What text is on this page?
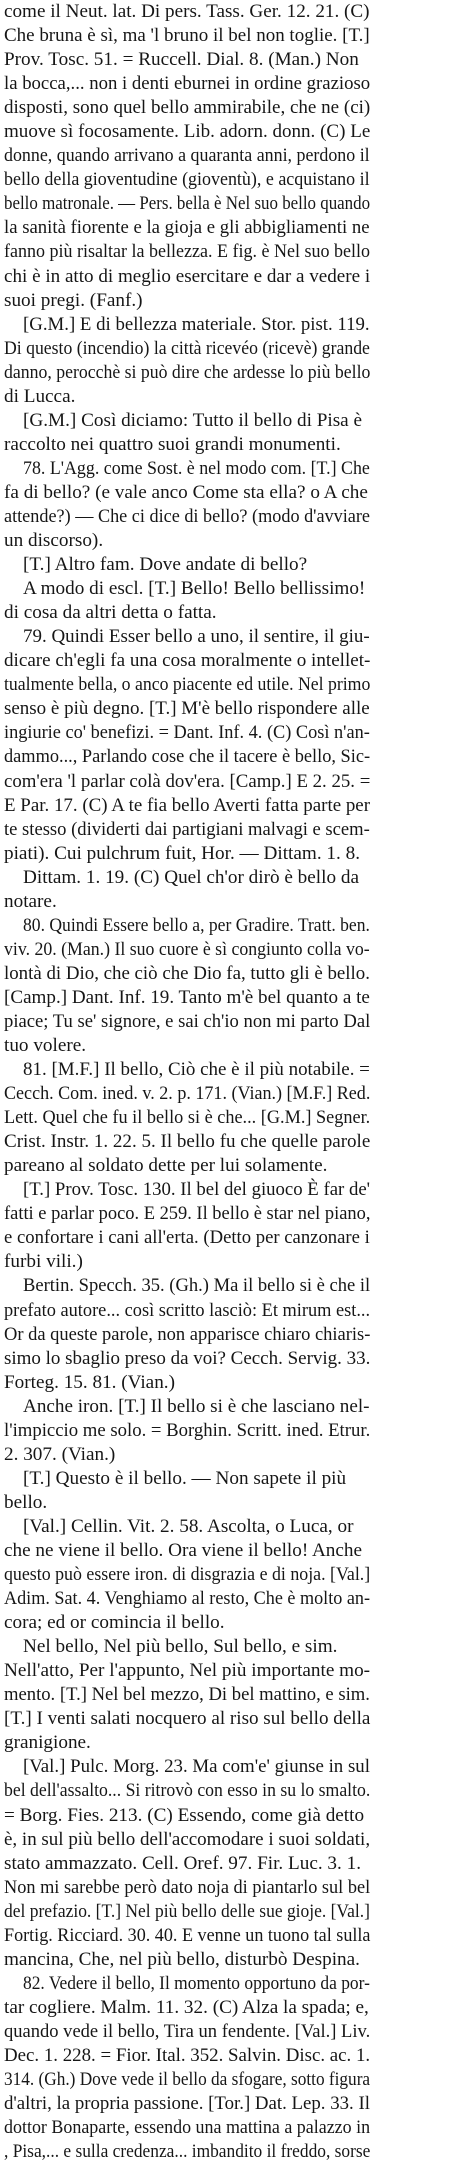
come il Neut. lat. Di pers. Tass. Ger. 12. 21. (C)
Che bruna è sì, ma 'l bruno il bel non toglie. [T.]
Prov. Tosc. 51. = Ruccell. Dial. 8. (Man.) Non
la bocca,... non i denti eburnei in ordine grazioso
disposti, sono quel bello ammirabile, che ne (ci)
muove sì focosamente. Lib. adorn. donn. (C) Le
donne, quando arrivano a quaranta anni, perdono il
bello della gioventudine (gioventù), e acquistano il
bello matronale. — Pers. bella è Nel suo bello quando
la sanità fiorente e la gioja e gli abbigliamenti ne
fanno più risaltar la bellezza. E fig. è Nel suo bello
chi è in atto di meglio esercitare e dar a vedere i
suoi pregi. (Fanf.)
[G.M.] E di bellezza materiale. Stor. pist. 119.
Di questo (incendio) la città ricevéo (ricevè) grande
danno, perocchè si può dire che ardesse lo più bello
di Lucca.
[G.M.] Così diciamo: Tutto il bello di Pisa è
raccolto nei quattro suoi grandi monumenti.
78. L'Agg. come Sost. è nel modo com. [T.] Che
fa di bello? (e vale anco Come sta ella? o A che
attende?) — Che ci dice di bello? (modo d'avviare
un discorso).
[T.] Altro fam. Dove andate di bello?
A modo di escl. [T.] Bello! Bello bellissimo!
di cosa da altri detta o fatta.
79. Quindi Esser bello a uno, il sentire, il giu-
dicare ch'egli fa una cosa moralmente o intellet-
tualmente bella, o anco piacente ed utile. Nel primo
senso è più degno. [T.] M'è bello rispondere alle
ingiurie co' benefizi. = Dant. Inf. 4. (C) Così n'an-
dammo..., Parlando cose che il tacere è bello, Sic-
com'era 'l parlar colà dov'era. [Camp.] E 2. 25. =
E Par. 17. (C) A te fia bello Averti fatta parte per
te stesso (dividerti dai partigiani malvagi e scem-
piati). Cui pulchrum fuit, Hor. — Dittam. 1. 8.
Dittam. 1. 19. (C) Quel ch'or dirò è bello da
notare.
80. Quindi Essere bello a, per Gradire. Tratt. ben.
viv. 20. (Man.) Il suo cuore è sì congiunto colla vo-
lontà di Dio, che ciò che Dio fa, tutto gli è bello.
[Camp.] Dant. Inf. 19. Tanto m'è bel quanto a te
piace; Tu se' signore, e sai ch'io non mi parto Dal
tuo volere.
81. [M.F.] Il bello, Ciò che è il più notabile. =
Cecch. Com. ined. v. 2. p. 171. (Vian.) [M.F.] Red.
Lett. Quel che fu il bello si è che... [G.M.] Segner.
Crist. Instr. 1. 22. 5. Il bello fu che quelle parole
pareano al soldato dette per lui solamente.
[T.] Prov. Tosc. 130. Il bel del giuoco È far de'
fatti e parlar poco. E 259. Il bello è star nel piano,
e confortare i cani all'erta. (Detto per canzonare i
furbi vili.)
Bertin. Specch. 35. (Gh.) Ma il bello si è che il
prefato autore... così scritto lasciò: Et mirum est...
Or da queste parole, non apparisce chiaro chiaris-
simo lo sbaglio preso da voi? Cecch. Servig. 33.
Forteg. 15. 81. (Vian.)
Anche iron. [T.] Il bello si è che lasciano nel-
l'impiccio me solo. = Borghin. Scritt. ined. Etrur.
2. 307. (Vian.)
[T.] Questo è il bello. — Non sapete il più
bello.
[Val.] Cellin. Vit. 2. 58. Ascolta, o Luca, or
che ne viene il bello. Ora viene il bello! Anche
questo può essere iron. di disgrazia e di noja. [Val.]
Adim. Sat. 4. Venghiamo al resto, Che è molto an-
cora; ed or comincia il bello.
Nel bello, Nel più bello, Sul bello, e sim.
Nell'atto, Per l'appunto, Nel più importante mo-
mento. [T.] Nel bel mezzo, Di bel mattino, e sim.
[T.] I venti salati nocquero al riso sul bello della
granigione.
[Val.] Pulc. Morg. 23. Ma com'e' giunse in sul
bel dell'assalto... Si ritrovò con esso in su lo smalto.
= Borg. Fies. 213. (C) Essendo, come già detto
è, in sul più bello dell'accomodare i suoi soldati,
stato ammazzato. Cell. Oref. 97. Fir. Luc. 3. 1.
Non mi sarebbe però dato noja di piantarlo sul bel
del prefazio. [T.] Nel più bello delle sue gioje. [Val.]
Fortig. Ricciard. 30. 40. E venne un tuono tal sulla
mancina, Che, nel più bello, disturbò Despina.
82. Vedere il bello, Il momento opportuno da por-
tar cogliere. Malm. 11. 32. (C) Alza la spada; e,
quando vede il bello, Tira un fendente. [Val.] Liv.
Dec. 1. 228. = Fior. Ital. 352. Salvin. Disc. ac. 1.
314. (Gh.) Dove vede il bello da sfogare, sotto figura
d'altri, la propria passione. [Tor.] Dat. Lep. 33. Il
dottor Bonaparte, essendo una mattina a palazzo in
, Pisa,... e sulla credenza... imbandito il freddo, sorse
